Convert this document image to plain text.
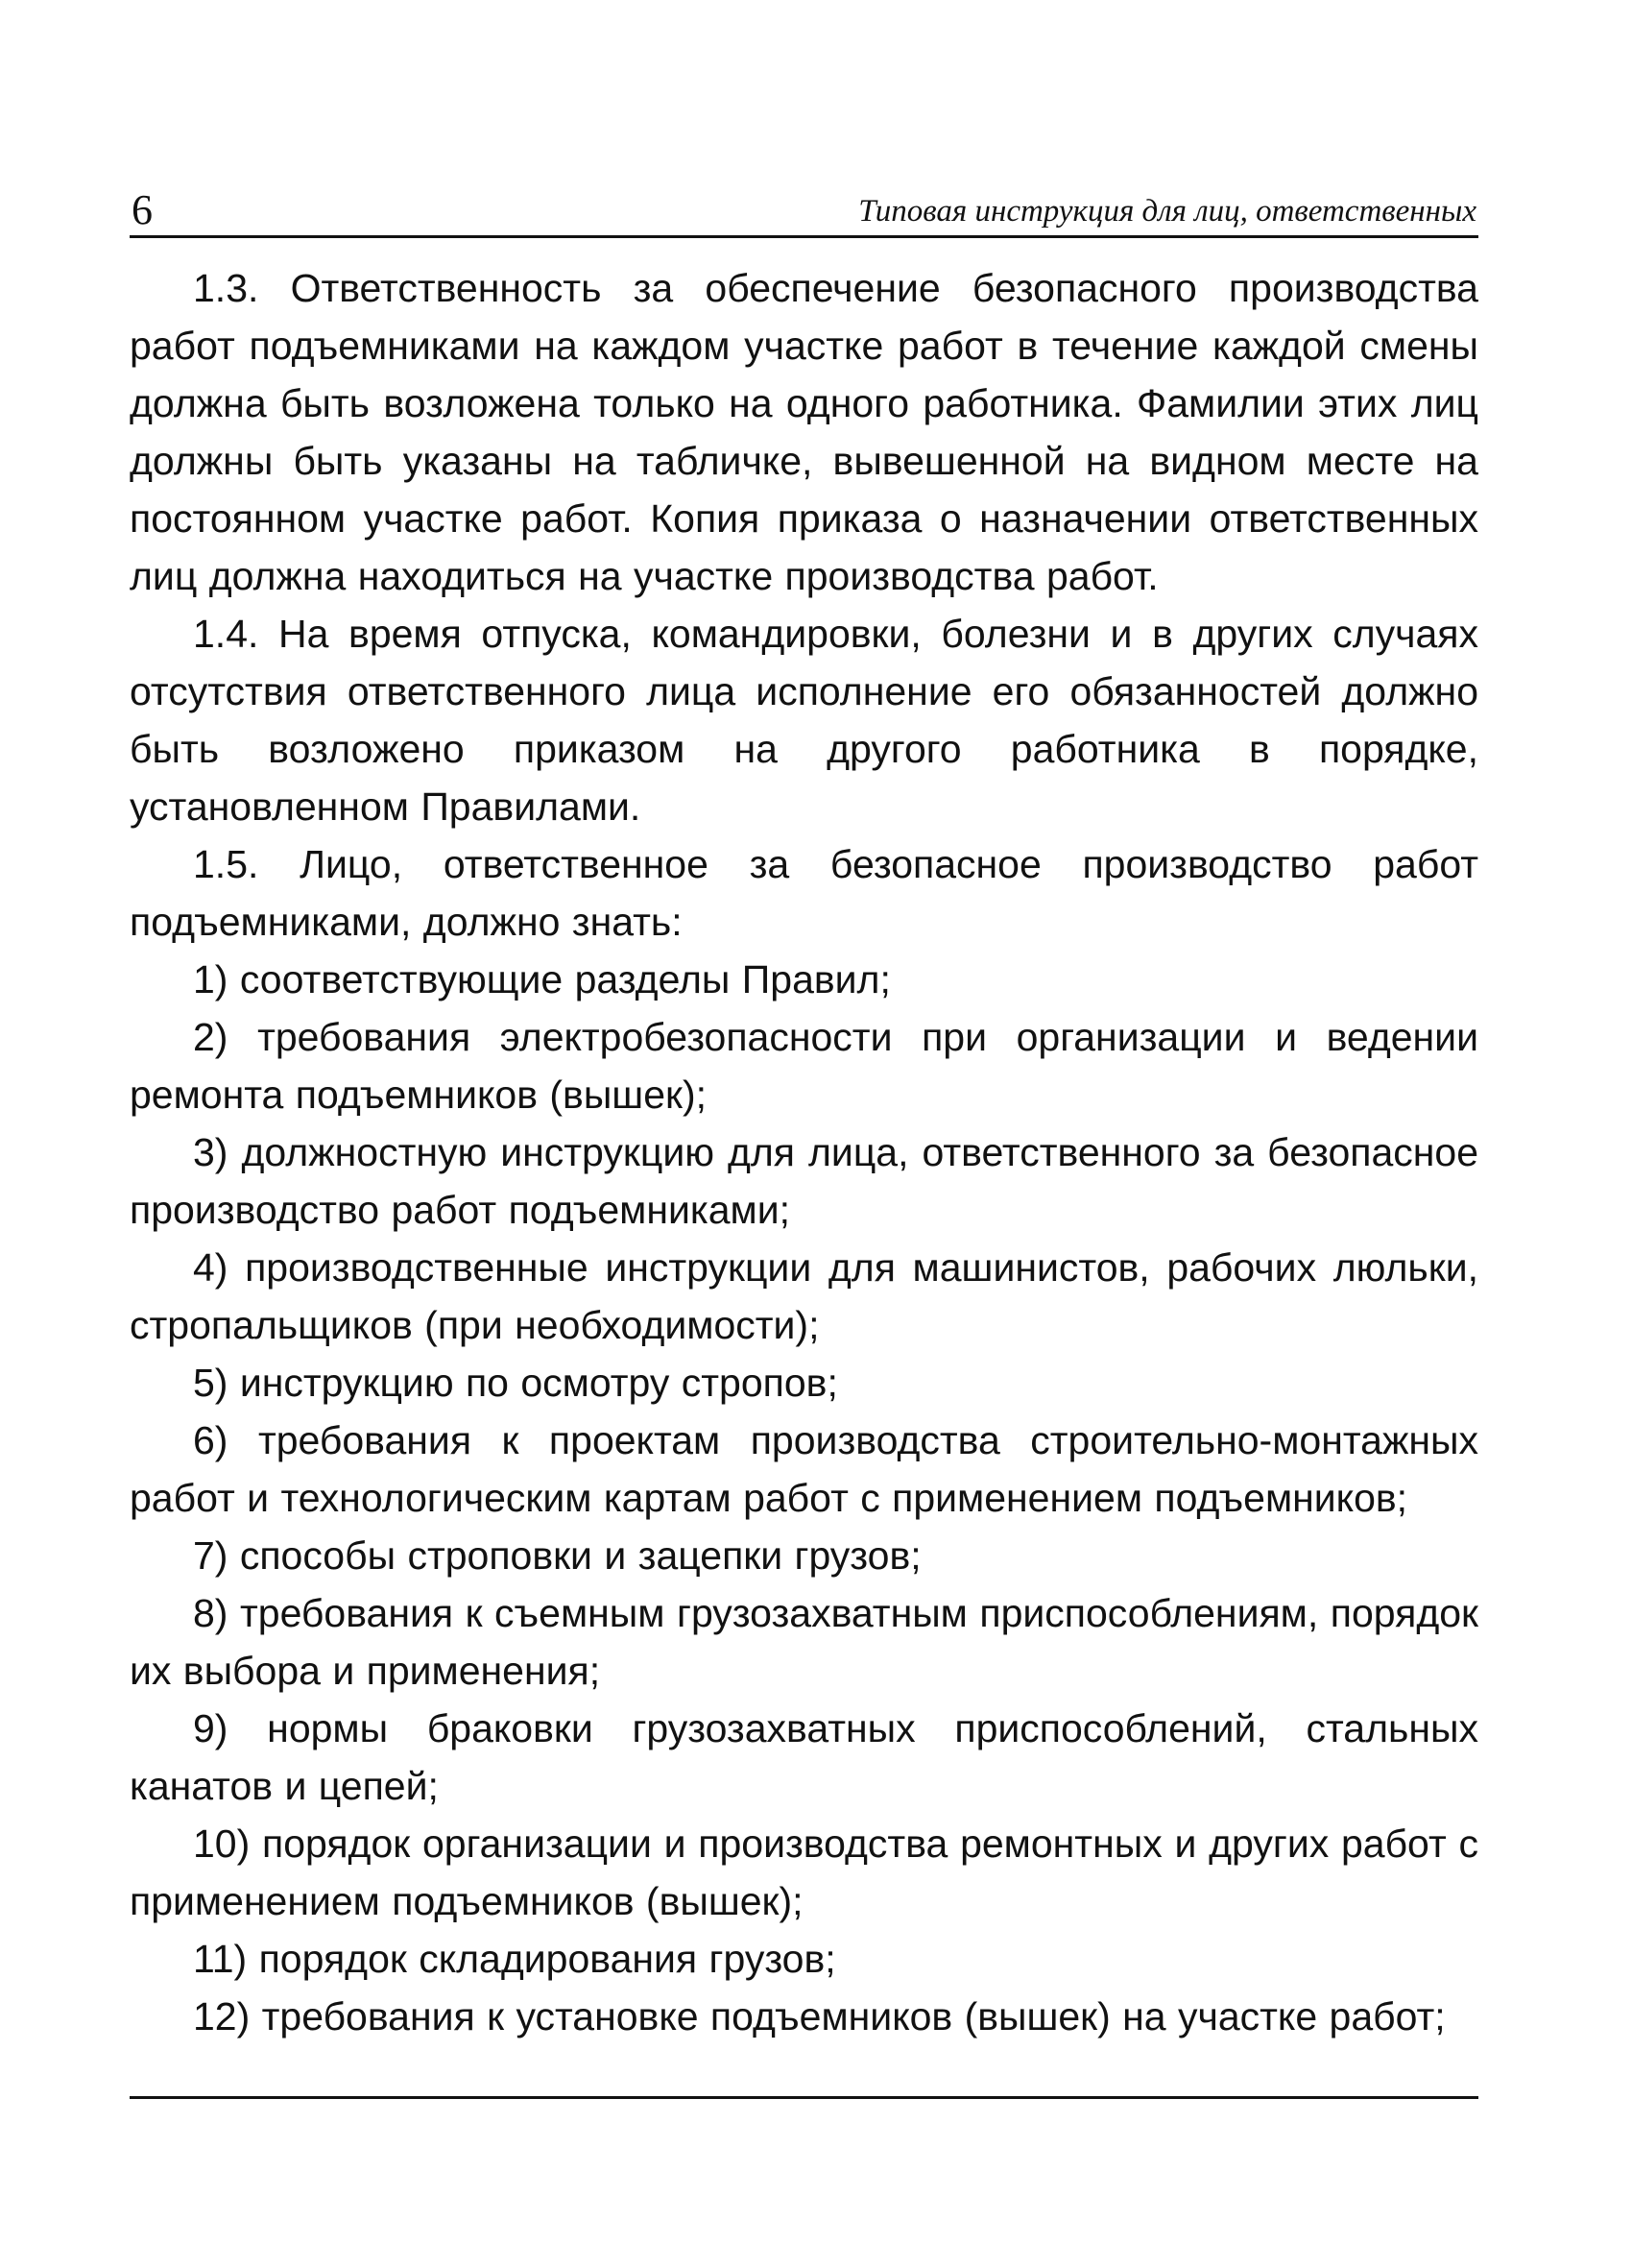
6	Типовая инструкция для лиц, ответственных

1.3. Ответственность за обеспечение безопасного производства работ подъемниками на каждом участке работ в течение каждой смены должна быть возложена только на одного работника. Фамилии этих лиц должны быть указаны на табличке, вывешенной на видном месте на постоянном участке работ. Копия приказа о назначении ответственных лиц должна находиться на участке производства работ.

1.4. На время отпуска, командировки, болезни и в других случаях отсутствия ответственного лица исполнение его обязанностей должно быть возложено приказом на другого работника в порядке, установленном Правилами.

1.5. Лицо, ответственное за безопасное производство работ подъемниками, должно знать:

1) соответствующие разделы Правил;

2) требования электробезопасности при организации и ведении ремонта подъемников (вышек);

3) должностную инструкцию для лица, ответственного за безопасное производство работ подъемниками;

4) производственные инструкции для машинистов, рабочих люльки, стропальщиков (при необходимости);

5) инструкцию по осмотру стропов;

6) требования к проектам производства строительно-монтажных работ и технологическим картам работ с применением подъемников;

7) способы строповки и зацепки грузов;

8) требования к съемным грузозахватным приспособлениям, порядок их выбора и применения;

9) нормы браковки грузозахватных приспособлений, стальных канатов и цепей;

10) порядок организации и производства ремонтных и других работ с применением подъемников (вышек);

11) порядок складирования грузов;

12) требования к установке подъемников (вышек) на участке работ;
